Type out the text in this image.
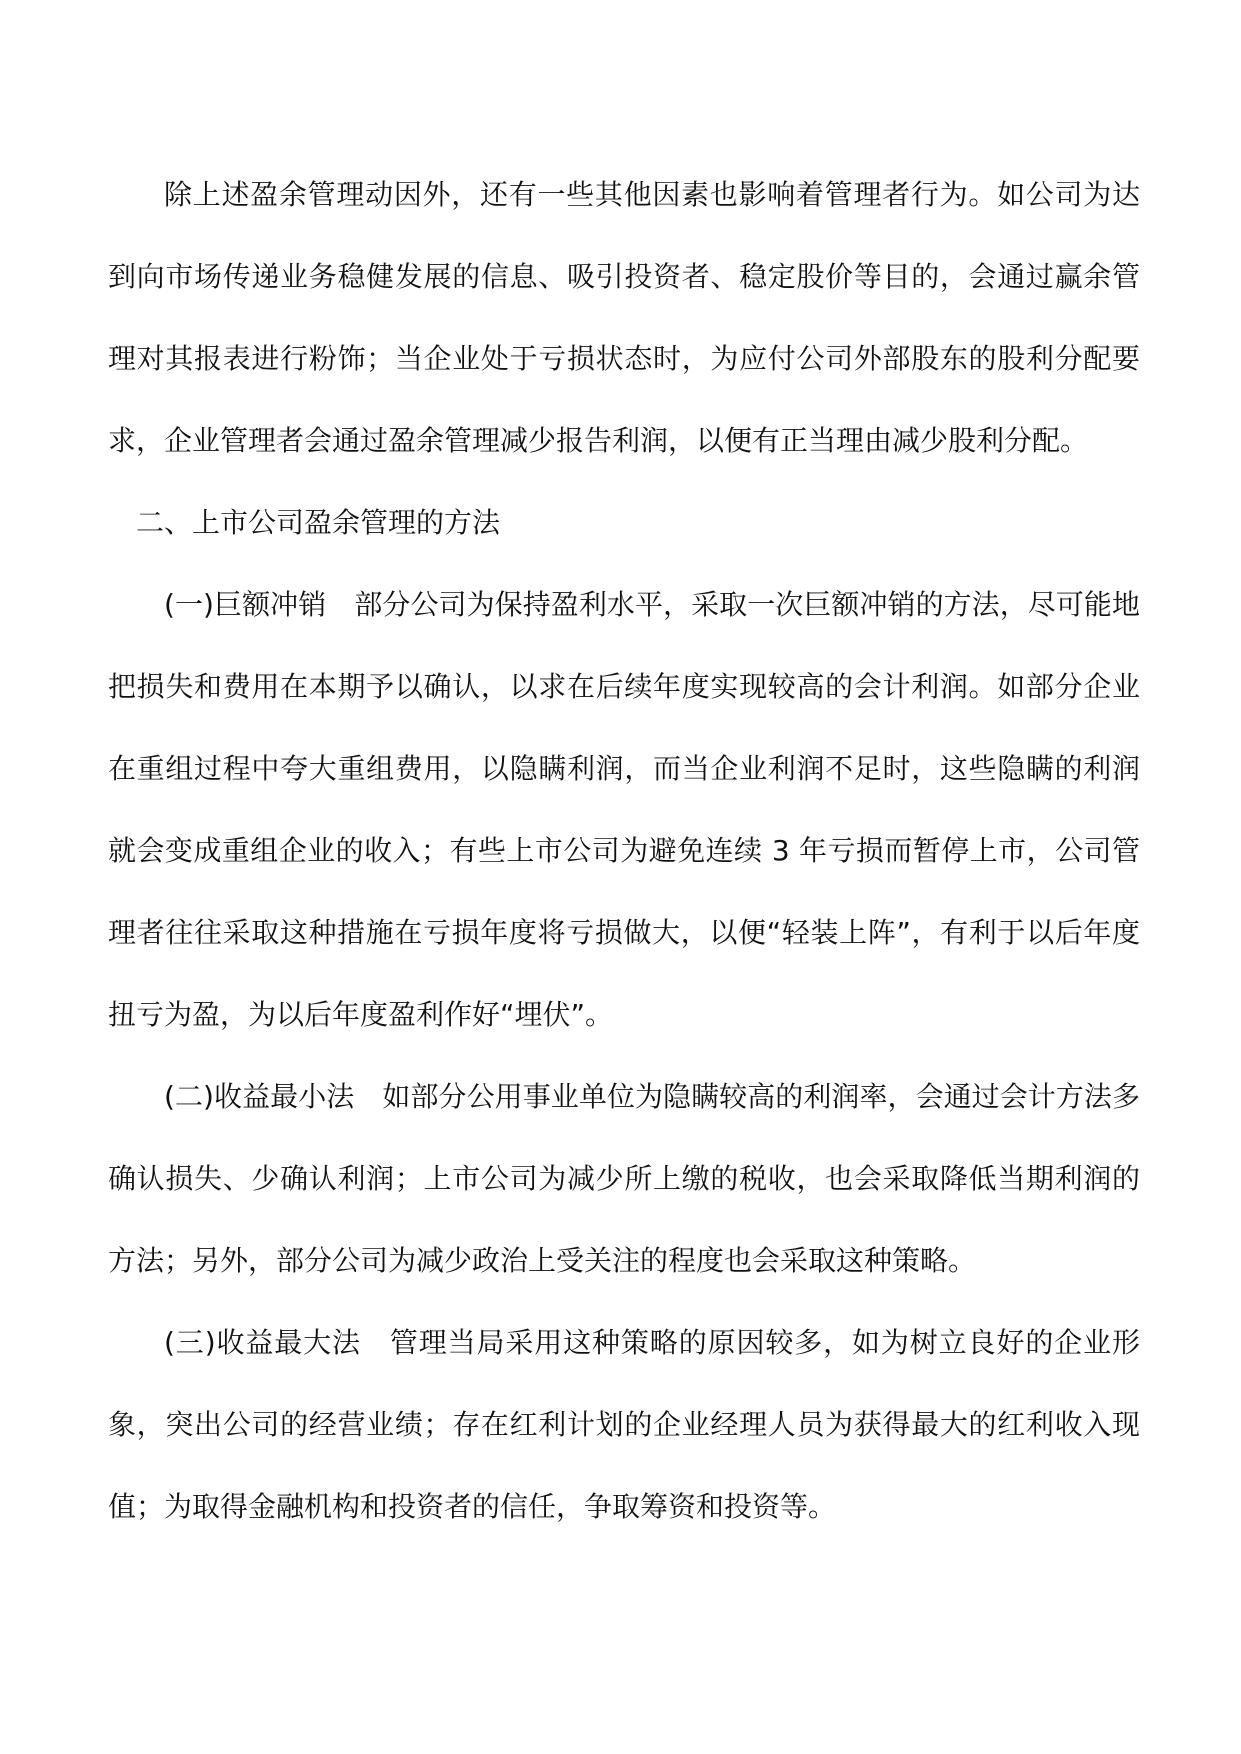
除上述盈余管理动因外，还有一些其他因素也影响着管理者行为。如公司为达到向市场传递业务稳健发展的信息、吸引投资者、稳定股价等目的，会通过赢余管理对其报表进行粉饰；当企业处于亏损状态时，为应付公司外部股东的股利分配要求，企业管理者会通过盈余管理减少报告利润，以便有正当理由减少股利分配。

二、上市公司盈余管理的方法

(一)巨额冲销　部分公司为保持盈利水平，采取一次巨额冲销的方法，尽可能地把损失和费用在本期予以确认，以求在后续年度实现较高的会计利润。如部分企业在重组过程中夸大重组费用，以隐瞒利润，而当企业利润不足时，这些隐瞒的利润就会变成重组企业的收入；有些上市公司为避免连续 3 年亏损而暂停上市，公司管理者往往采取这种措施在亏损年度将亏损做大，以便“轻装上阵”，有利于以后年度扭亏为盈，为以后年度盈利作好“埋伏”。

(二)收益最小法　如部分公用事业单位为隐瞒较高的利润率，会通过会计方法多确认损失、少确认利润；上市公司为减少所上缴的税收，也会采取降低当期利润的方法；另外，部分公司为减少政治上受关注的程度也会采取这种策略。

(三)收益最大法　管理当局采用这种策略的原因较多，如为树立良好的企业形象，突出公司的经营业绩；存在红利计划的企业经理人员为获得最大的红利收入现值；为取得金融机构和投资者的信任，争取筹资和投资等。
